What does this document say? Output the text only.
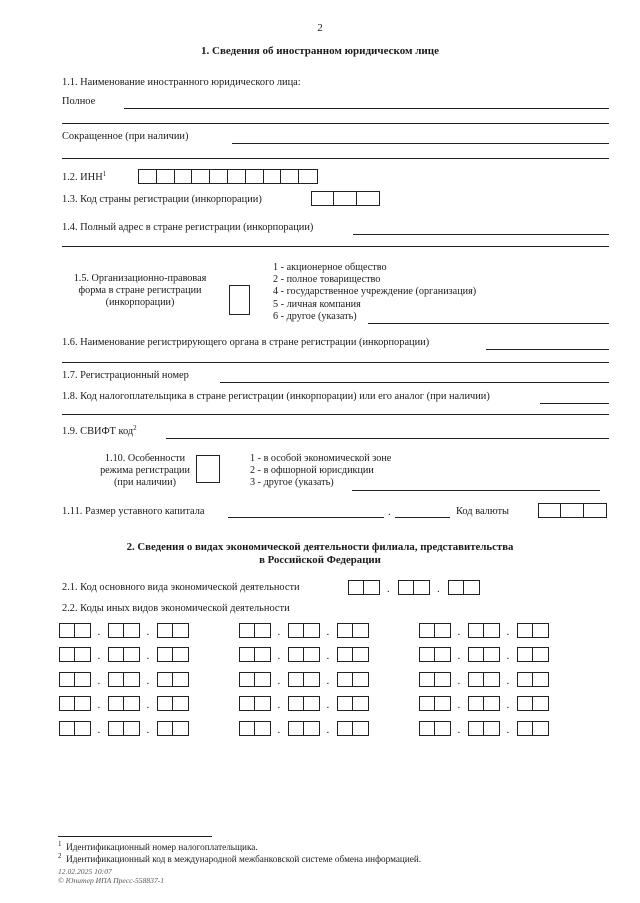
2
1. Сведения об иностранном юридическом лице
1.1. Наименование иностранного юридического лица:
Полное
Сокращенное (при наличии)
1.2. ИНН$^1$
1.3. Код страны регистрации (инкорпорации)
1.4. Полный адрес в стране регистрации (инкорпорации)
1.5. Организационно-правовая
форма в стране регистрации
(инкорпорации)
1 - акционерное общество
2 - полное товарищество
4 - государственное учреждение (организация)
5 - личная компания
6 - другое (указать)
1.6. Наименование регистрирующего органа в стране регистрации (инкорпорации)
1.7. Регистрационный номер
1.8. Код налогоплательщика в стране регистрации (инкорпорации) или его аналог (при наличии)
1.9. СВИФТ код$^2$
1.10. Особенности
режима регистрации
(при наличии)
1 - в особой экономической зоне
2 - в офшорной юрисдикции
3 - другое (указать)
1.11. Размер уставного капитала	.	Код валюты
2. Сведения о видах экономической деятельности филиала, представительства
в Российской Федерации
2.1. Код основного вида экономической деятельности
2.2. Коды иных видов экономической деятельности
$^1$ Идентификационный номер налогоплательщика.
$^2$ Идентификационный код в международной межбанковской системе обмена информацией.
12.02.2025 10:07
© Юпитер ИПА Пресс-558837-1
.	.
.	.	.	.	.	.
.	.	.	.	.	.
.	.	.	.	.	.
.	.	.	.	.	.
.	.	.	.	.	.
